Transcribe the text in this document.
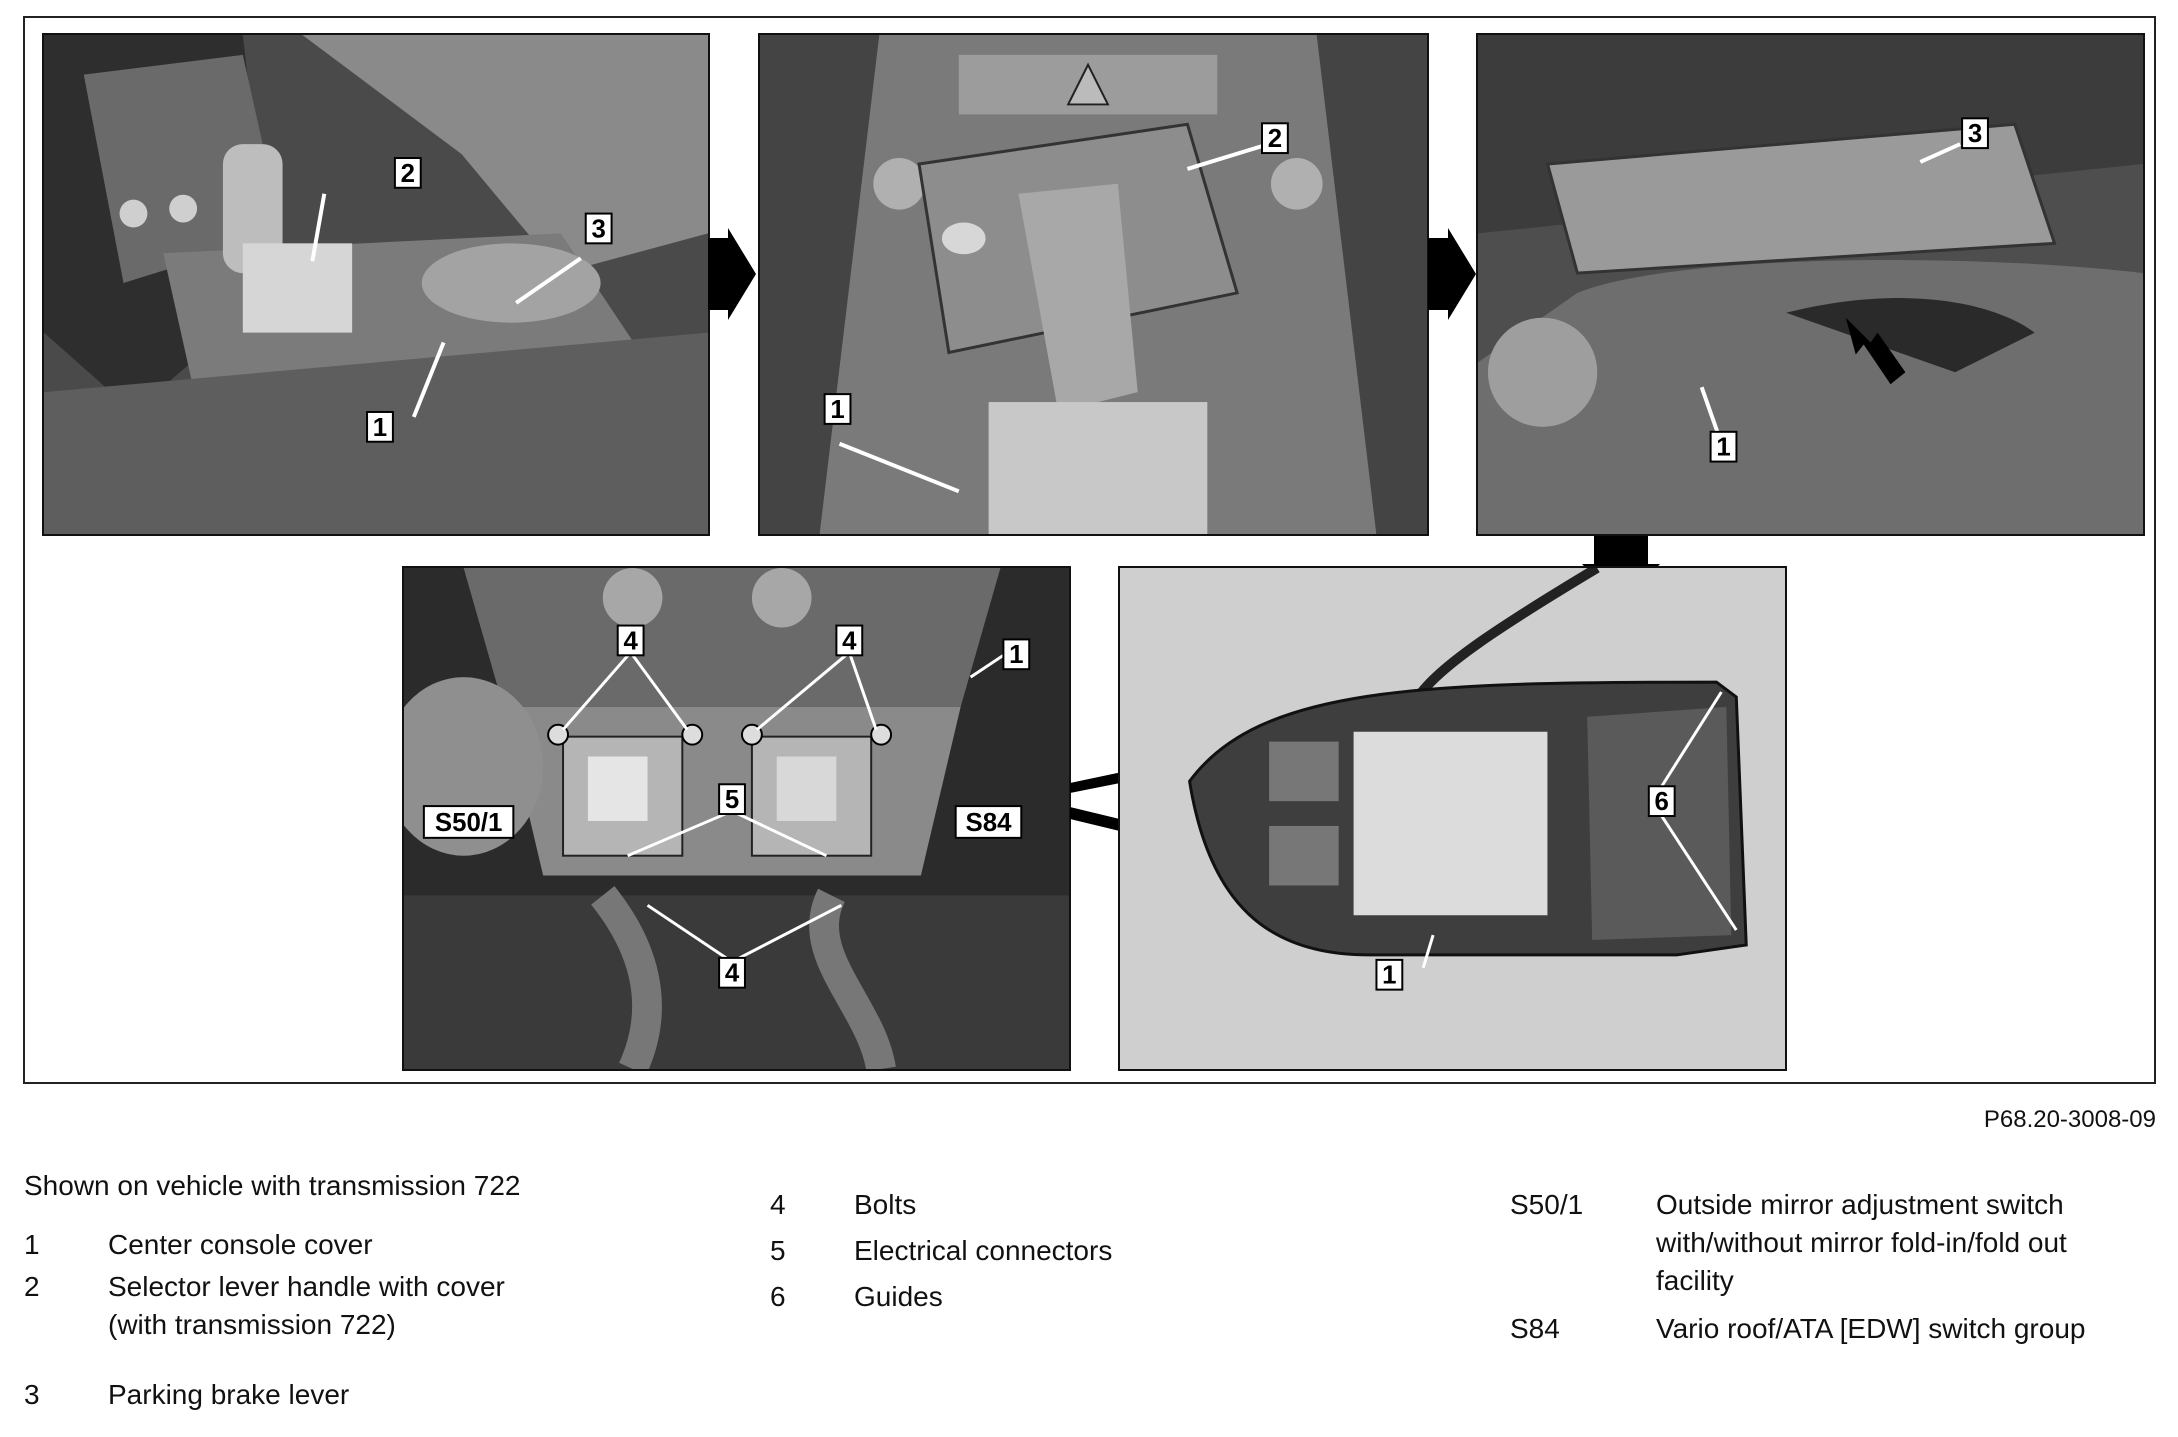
2
3
1
2
1
3
1
4	4	1
S50/1
5
S84
4
6
1
P68.20-3008-09
Shown on vehicle with transmission 722
1	Center console cover
2	Selector lever handle with cover
(with transmission 722)
3	Parking brake lever
4	Bolts
5	Electrical connectors
6	Guides
S50/1	Outside mirror adjustment switch
with/without mirror fold-in/fold out
facility
S84	Vario roof/ATA [EDW] switch group
